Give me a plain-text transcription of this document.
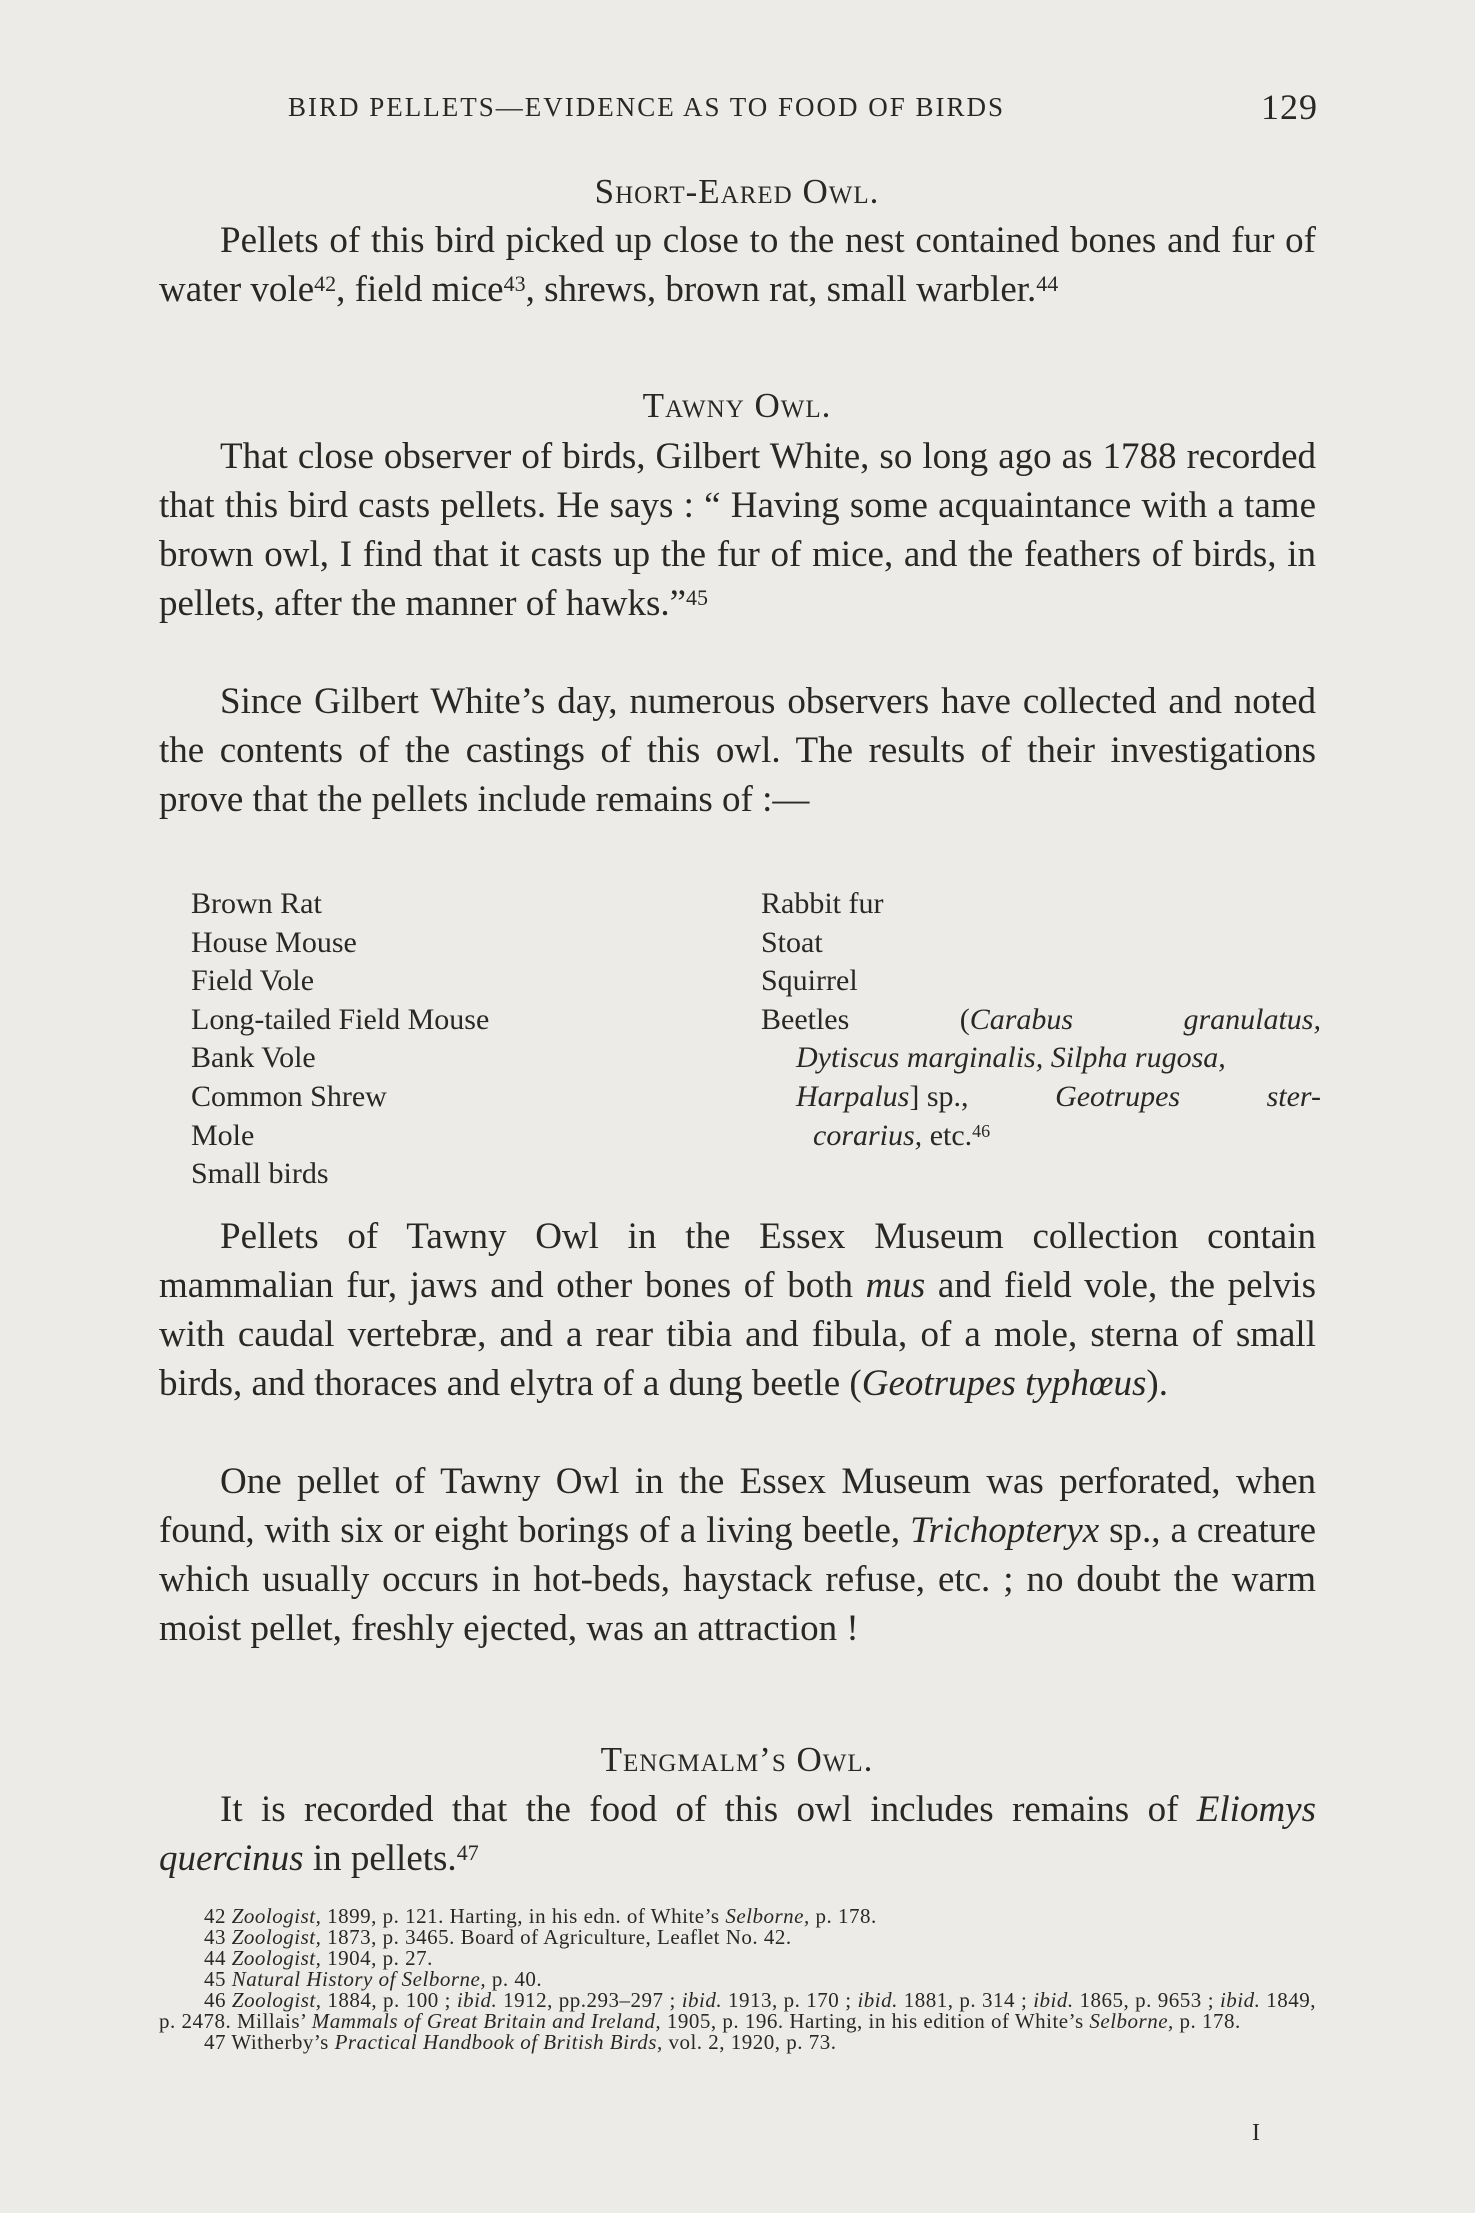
BIRD PELLETS—EVIDENCE AS TO FOOD OF BIRDS	129
Short-Eared Owl.

Pellets of this bird picked up close to the nest contained bones and fur of water vole$^{42}$, field mice$^{43}$, shrews, brown rat, small warbler.$^{44}$

Tawny Owl.

That close observer of birds, Gilbert White, so long ago as 1788 recorded that this bird casts pellets. He says : “ Having some acquaintance with a tame brown owl, I find that it casts up the fur of mice, and the feathers of birds, in pellets, after the manner of hawks.”$^{45}$

Since Gilbert White’s day, numerous observers have collected and noted the contents of the castings of this owl. The results of their investigations prove that the pellets include remains of :—

Brown Rat
House Mouse
Field Vole
Long-tailed Field Mouse
Bank Vole
Common Shrew
Mole
Small birds
Rabbit fur
Stoat
Squirrel
Beetles	(Carabus	granulatus,
Dytiscus marginalis, Silpha rugosa,
Harpalus] sp.,	Geotrupes	ster-
corarius, etc.$^{46}$

Pellets of Tawny Owl in the Essex Museum collection contain mammalian fur, jaws and other bones of both mus and field vole, the pelvis with caudal vertebræ, and a rear tibia and fibula, of a mole, sterna of small birds, and thoraces and elytra of a dung beetle (Geotrupes typhœus).

One pellet of Tawny Owl in the Essex Museum was perforated, when found, with six or eight borings of a living beetle, Trichopteryx sp., a creature which usually occurs in hot-beds, haystack refuse, etc. ; no doubt the warm moist pellet, freshly ejected, was an attraction !

Tengmalm’s Owl.

It is recorded that the food of this owl includes remains of Eliomys quercinus in pellets.$^{47}$

42 Zoologist, 1899, p. 121. Harting, in his edn. of White’s Selborne, p. 178.

43 Zoologist, 1873, p. 3465. Board of Agriculture, Leaflet No. 42.

44 Zoologist, 1904, p. 27.

45 Natural History of Selborne, p. 40.

46 Zoologist, 1884, p. 100 ; ibid. 1912, pp.293–297 ; ibid. 1913, p. 170 ; ibid. 1881, p. 314 ; ibid. 1865, p. 9653 ; ibid. 1849, p. 2478. Millais’ Mammals of Great Britain and Ireland, 1905, p. 196. Harting, in his edition of White’s Selborne, p. 178.

47 Witherby’s Practical Handbook of British Birds, vol. 2, 1920, p. 73.

I
